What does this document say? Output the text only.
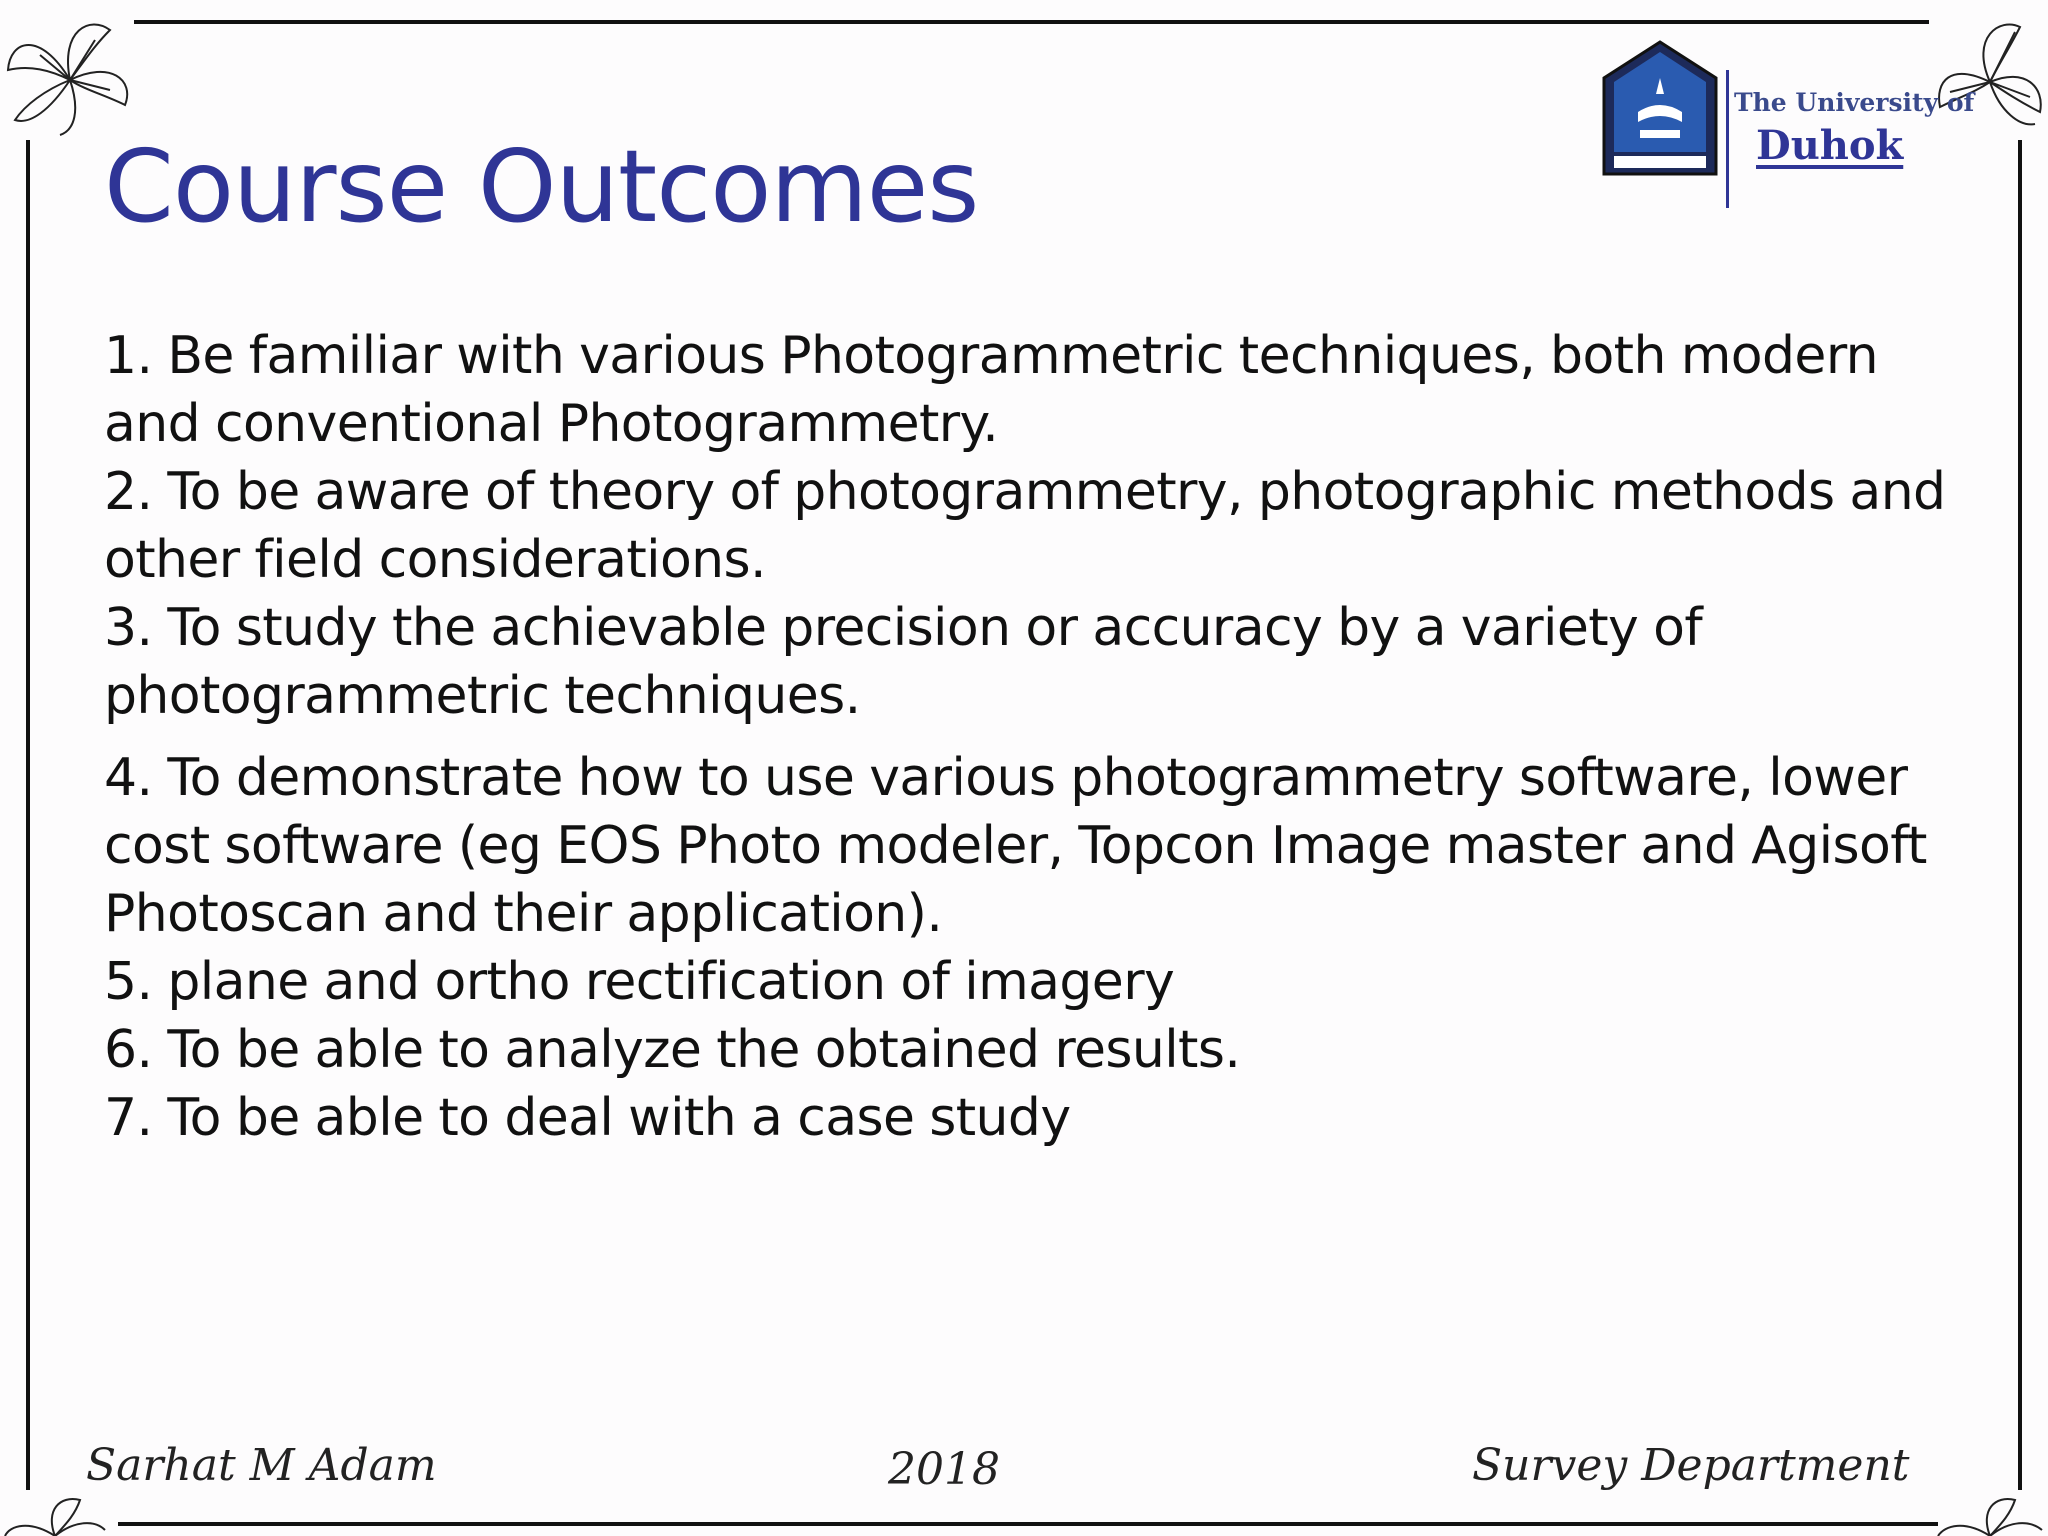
Course Outcomes
The University of
Duhok

1. Be familiar with various Photogrammetric techniques, both modern and conventional Photogrammetry.

2. To be aware of theory of photogrammetry, photographic methods and other field considerations.

3. To study the achievable precision or accuracy by a variety of photogrammetric techniques.

4. To demonstrate how to use various photogrammetry software, lower cost software (eg EOS Photo modeler, Topcon Image master and Agisoft Photoscan and their application).

5. plane and ortho rectification of imagery

6. To be able to analyze the obtained results.

7. To be able to deal with a case study

Sarhat M Adam	2018	Survey Department
